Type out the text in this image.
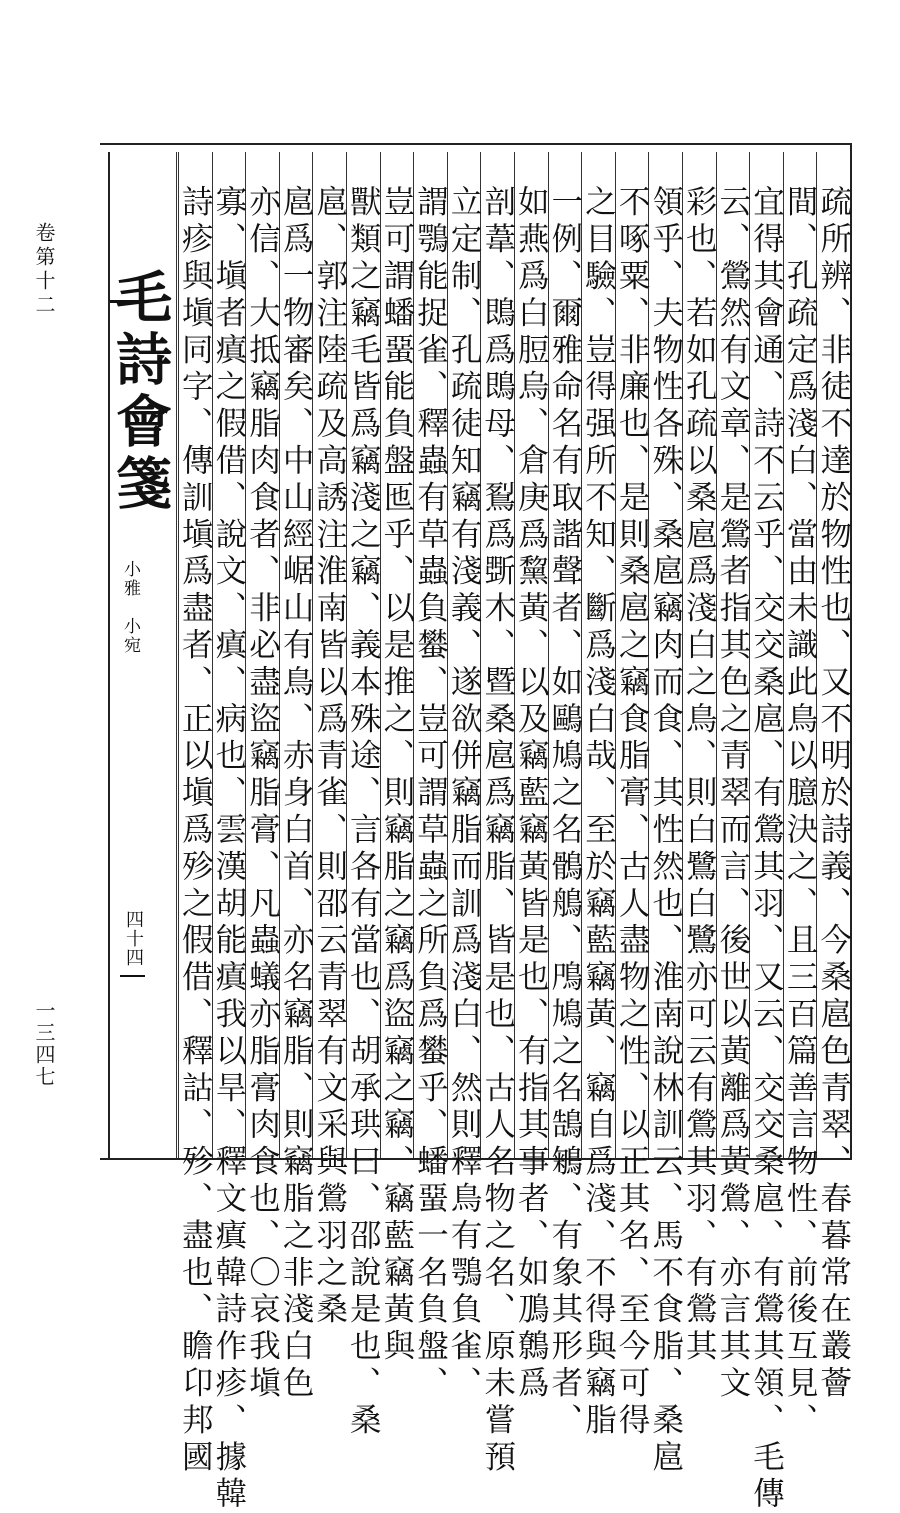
卷第十二
一三四七
毛詩會箋
小雅　小宛
四十四	疏所辨、非徒不達於物性也、又不明於詩義、今桑扈色青翠、春暮常在叢薈
間、孔疏定爲淺白、當由未識此鳥以臆決之、且三百篇善言物性、前後互見、
宜得其會通、詩不云乎、交交桑扈、有鶯其羽、又云、交交桑扈、有鶯其領、毛傳
云、鶯然有文章、是鶯者指其色之青翠而言、後世以黃離爲黃鶯、亦言其文
彩也、若如孔疏以桑扈爲淺白之鳥、則白鷺白鷺亦可云有鶯其羽、有鶯其
領乎、夫物性各殊、桑扈竊肉而食、其性然也、淮南說林訓云、馬不食脂、桑扈
不啄粟、非廉也、是則桑扈之竊食脂膏、古人盡物之性、以正其名、至今可得
之目驗、豈得强所不知、斷爲淺白哉、至於竊藍竊黃、竊自爲淺、不得與竊脂
一例、爾雅命名有取諧聲者、如鷗鳩之名鶻鵃、鳲鳩之名鵠鵴、有象其形者、
如燕爲白脰烏、倉庚爲黧黃、以及竊藍竊黃皆是也、有指其事者、如鳭鷯爲
剖葦、鵖爲鵖母、鴷爲斲木、暨桑扈爲竊脂、皆是也、古人名物之名、原未嘗預
立定制、孔疏徒知竊有淺義、遂欲併竊脂而訓爲淺白、然則釋鳥有鶚負雀、
謂鶚能捉雀、釋蟲有草蟲負蠜、豈可謂草蟲之所負爲蠜乎、蟠蝁一名負盤、
豈可謂蟠蝁能負盤匜乎、以是推之、則竊脂之竊爲盜竊之竊、竊藍竊黃與
獸類之竊毛皆爲竊淺之竊、義本殊途、言各有當也、胡承珙曰、邵說是也、桑
扈、郭注陸疏及高誘注淮南皆以爲青雀、則邵云青翠有文采與鶯羽之桑
扈爲一物審矣、中山經崌山有鳥、赤身白首、亦名竊脂、則竊脂之非淺白色
亦信、大抵竊脂肉食者、非必盡盜竊脂膏、凡蟲蟻亦脂膏肉食也、〇哀我塡
寡、塡者瘨之假借、說文、瘨、病也、雲漢胡能瘨我以旱、釋文瘨韓詩作疹、據韓
詩疹與塡同字、傳訓塡爲盡者、正以塡爲殄之假借、釋詁、殄、盡也、瞻卬邦國
